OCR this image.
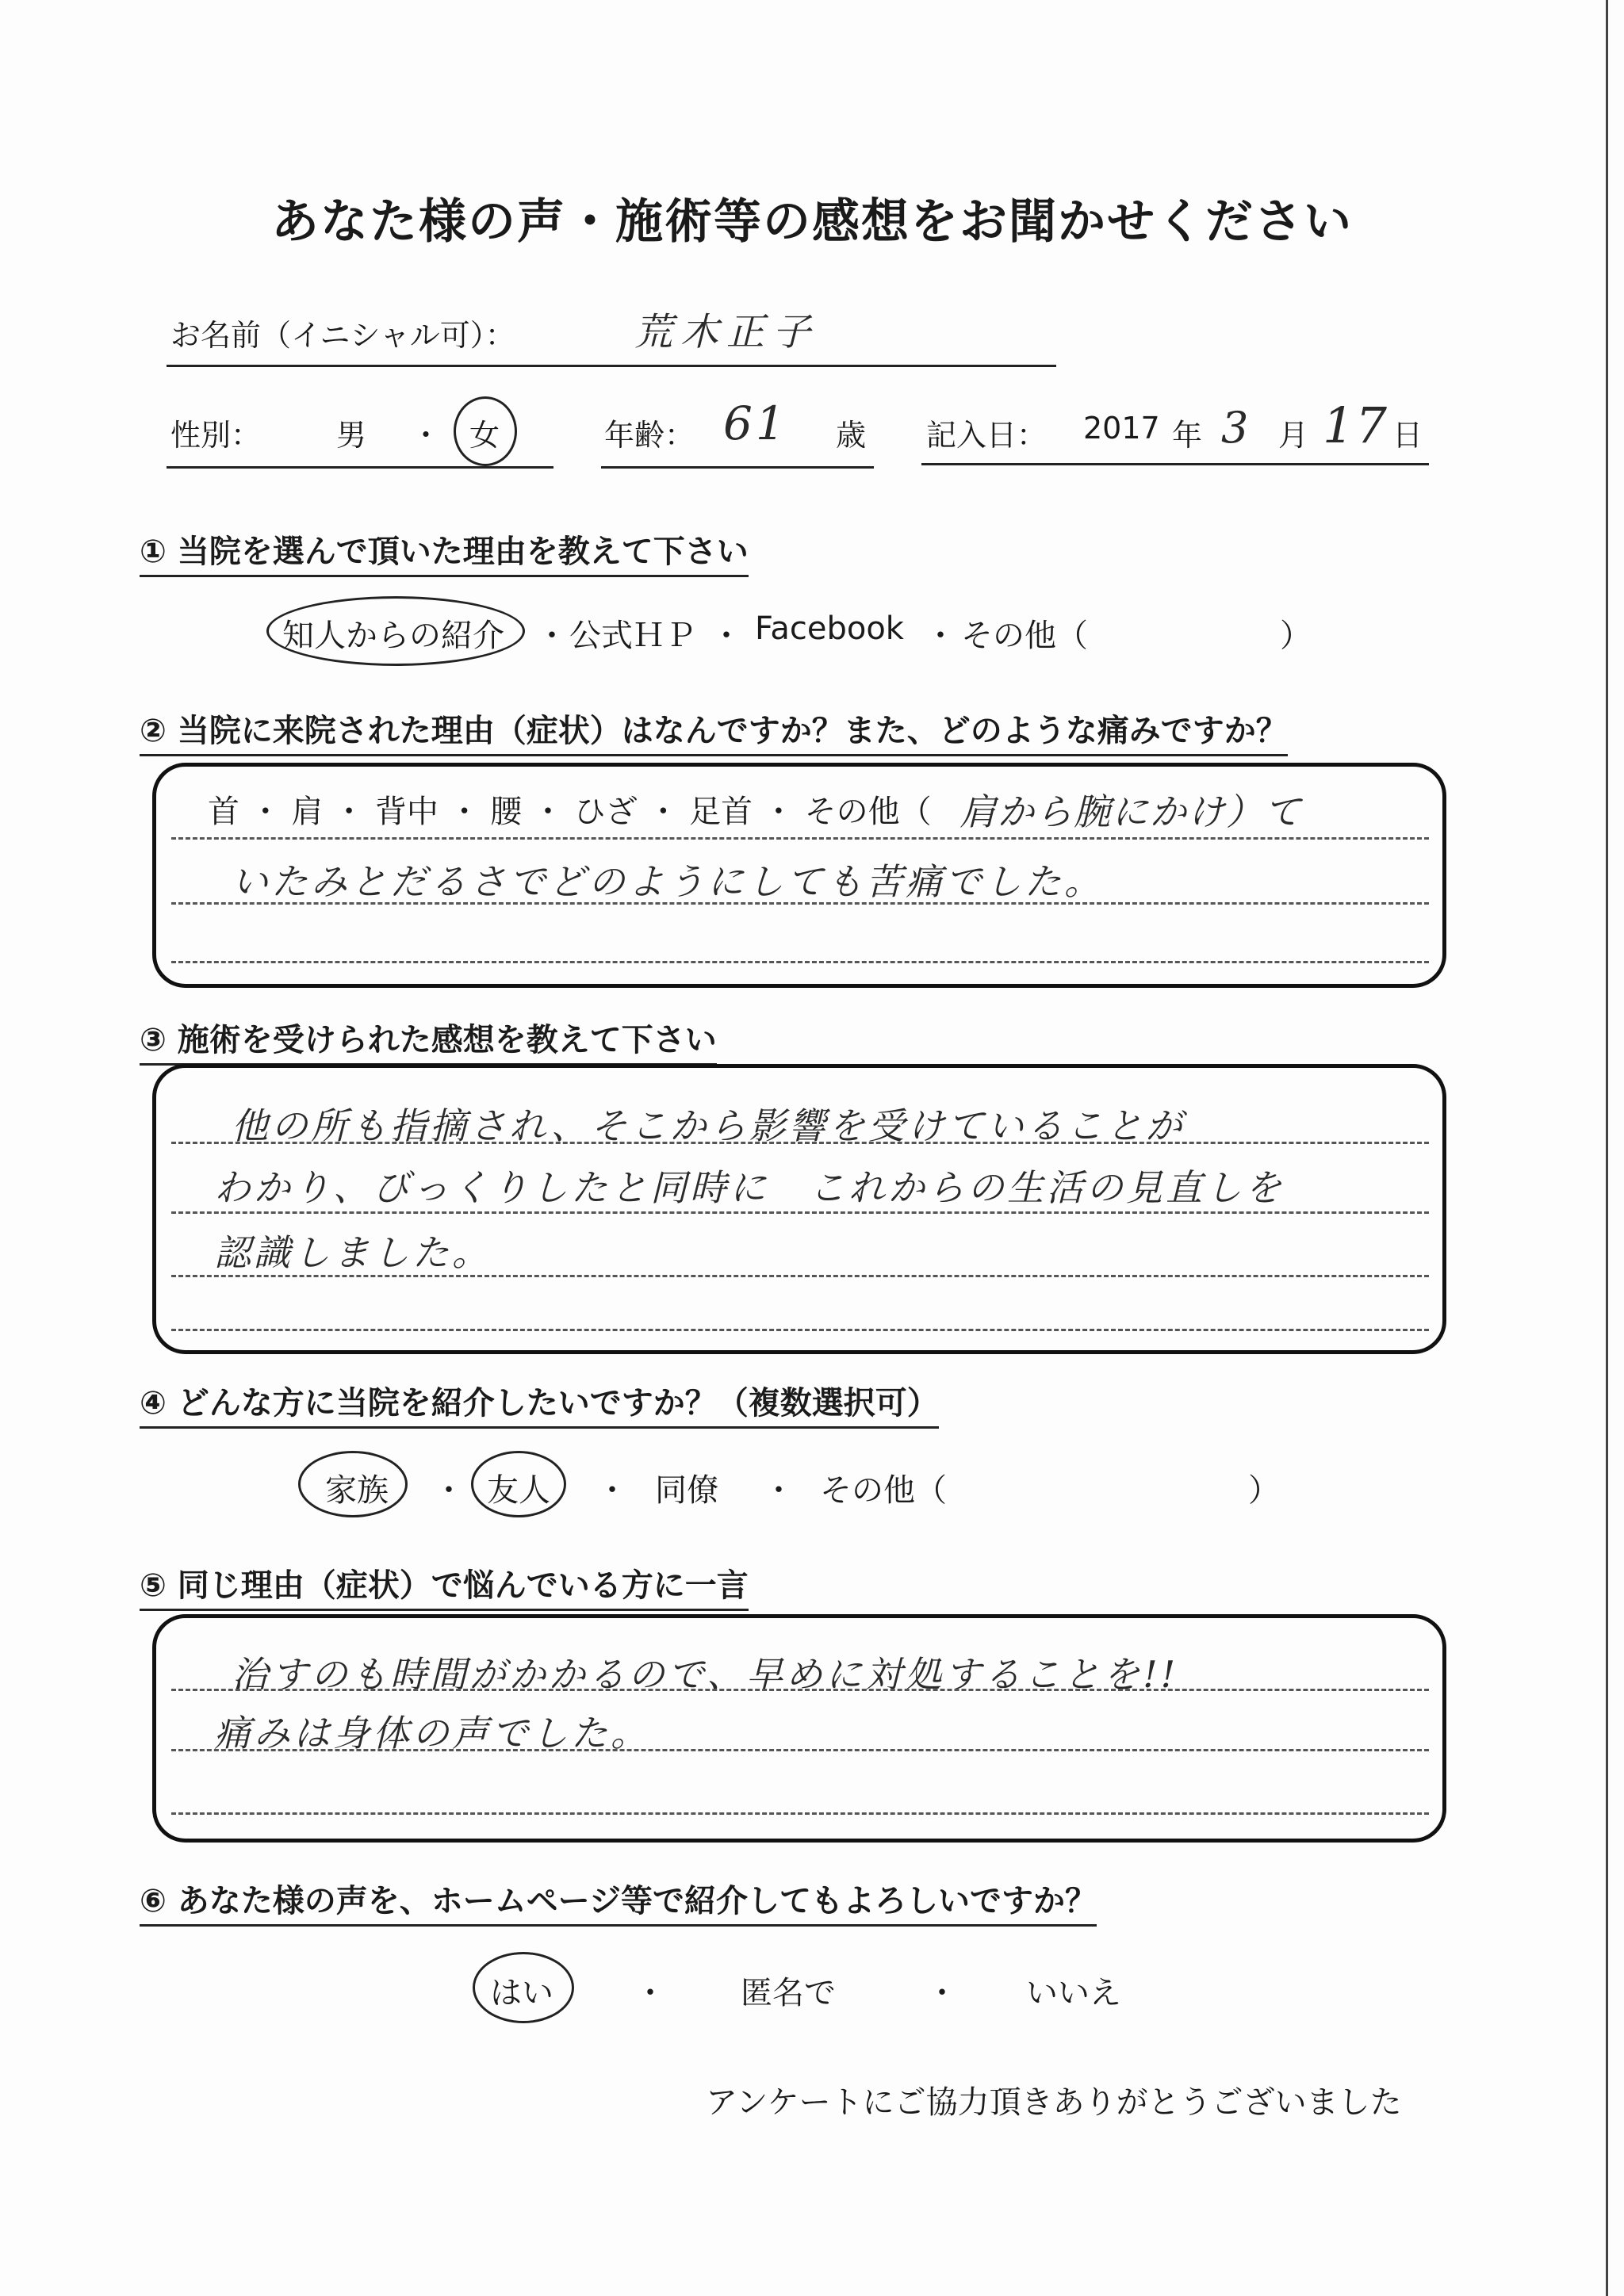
あなた様の声・施術等の感想をお聞かせください
お名前（イニシャル可）：	荒木正子
性別： 男 ・ 女	年齢： 61 歳 記入日： 2017 年 3 月 17 日
① 当院を選んで頂いた理由を教えて下さい
知人からの紹介 ・ 公式ＨＰ ・ Facebook ・ その他（	）
② 当院に来院された理由（症状）はなんですか？また、どのような痛みですか？
首 ・ 肩 ・ 背中 ・ 腰 ・ ひざ ・ 足首 ・ その他（ 肩から腕にかけ）て
いたみとだるさでどのようにしても苦痛でした。
③ 施術を受けられた感想を教えて下さい
他の所も指摘され、そこから影響を受けていることが
わかり、びっくりしたと同時に　これからの生活の見直しを
認識しました。
④ どんな方に当院を紹介したいですか？（複数選択可）
家族 ・ 友人 ・ 同僚 ・ その他（	）
⑤ 同じ理由（症状）で悩んでいる方に一言
治すのも時間がかかるので、早めに対処することを!!
痛みは身体の声でした。
⑥ あなた様の声を、ホームページ等で紹介してもよろしいですか？
はい	・ 匿名で	・ いいえ
アンケートにご協力頂きありがとうございました
